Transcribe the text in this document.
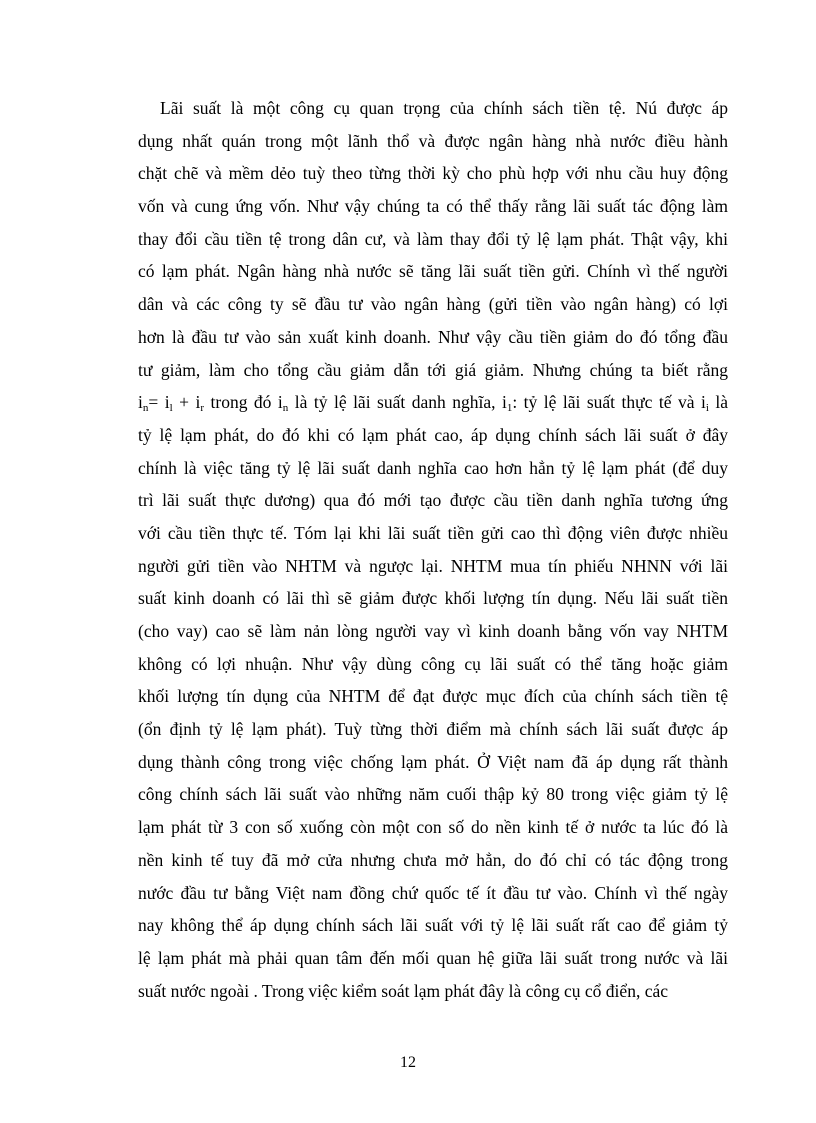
Lãi suất là một công cụ quan trọng của chính sách tiền tệ. Nú được áp
dụng nhất quán trong một lãnh thổ và được ngân hàng nhà nước điều hành
chặt chẽ và mềm dẻo tuỳ theo từng thời kỳ cho phù hợp với nhu cầu huy động
vốn và cung ứng vốn. Như vậy chúng ta có thể thấy rằng lãi suất tác động làm
thay đổi cầu tiền tệ trong dân cư, và làm thay đổi tỷ lệ lạm phát. Thật vậy, khi
có lạm phát. Ngân hàng nhà nước sẽ tăng lãi suất tiền gửi. Chính vì thế người
dân và các công ty sẽ đầu tư vào ngân hàng (gửi tiền vào ngân hàng) có lợi
hơn là đầu tư vào sản xuất kinh doanh. Như vậy cầu tiền giảm do đó tổng đầu
tư giảm, làm cho tổng cầu giảm dẫn tới giá giảm. Nhưng chúng ta biết rằng
$i_n= i_l + i_r$ trong đó $i_n$ là tỷ lệ lãi suất danh nghĩa, $i_1$: tỷ lệ lãi suất thực tế và $i_i$ là
tỷ lệ lạm phát, do đó khi có lạm phát cao, áp dụng chính sách lãi suất ở đây
chính là việc tăng tỷ lệ lãi suất danh nghĩa cao hơn hẳn tỷ lệ lạm phát (để duy
trì lãi suất thực dương) qua đó mới tạo được cầu tiền danh nghĩa tương ứng
với cầu tiền thực tế. Tóm lại khi lãi suất tiền gửi cao thì động viên được nhiều
người gửi tiền vào NHTM và ngược lại. NHTM mua tín phiếu NHNN với lãi
suất kinh doanh có lãi thì sẽ giảm được khối lượng tín dụng. Nếu lãi suất tiền
(cho vay) cao sẽ làm nản lòng người vay vì kinh doanh bằng vốn vay NHTM
không có lợi nhuận. Như vậy dùng công cụ lãi suất có thể tăng hoặc giảm
khối lượng tín dụng của NHTM để đạt được mục đích của chính sách tiền tệ
(ổn định tỷ lệ lạm phát). Tuỳ từng thời điểm mà chính sách lãi suất được áp
dụng thành công trong việc chống lạm phát. Ở Việt nam đã áp dụng rất thành
công chính sách lãi suất vào những năm cuối thập kỷ 80 trong việc giảm tỷ lệ
lạm phát từ 3 con số xuống còn một con số do nền kinh tế ở nước ta lúc đó là
nền kinh tế tuy đã mở cửa nhưng chưa mở hẳn, do đó chỉ có tác động trong
nước đầu tư bằng Việt nam đồng chứ quốc tế ít đầu tư vào. Chính vì thế ngày
nay không thể áp dụng chính sách lãi suất với tỷ lệ lãi suất rất cao để giảm tỷ
lệ lạm phát mà phải quan tâm đến mối quan hệ giữa lãi suất trong nước và lãi
suất nước ngoài . Trong việc kiểm soát lạm phát đây là công cụ cổ điển, các
12
